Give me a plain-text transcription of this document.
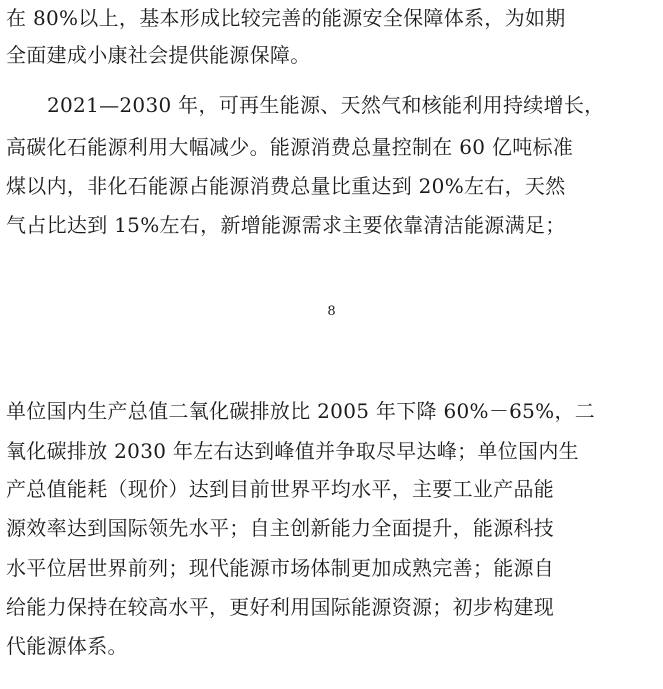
在 80%以上，基本形成比较完善的能源安全保障体系，为如期
全面建成小康社会提供能源保障。
2021—2030 年，可再生能源、天然气和核能利用持续增长，
高碳化石能源利用大幅减少。能源消费总量控制在 60 亿吨标准
煤以内，非化石能源占能源消费总量比重达到 20%左右，天然
气占比达到 15%左右，新增能源需求主要依靠清洁能源满足；
8
单位国内生产总值二氧化碳排放比 2005 年下降 60%－65%，二
氧化碳排放 2030 年左右达到峰值并争取尽早达峰；单位国内生
产总值能耗（现价）达到目前世界平均水平，主要工业产品能
源效率达到国际领先水平；自主创新能力全面提升，能源科技
水平位居世界前列；现代能源市场体制更加成熟完善；能源自
给能力保持在较高水平，更好利用国际能源资源；初步构建现
代能源体系。
